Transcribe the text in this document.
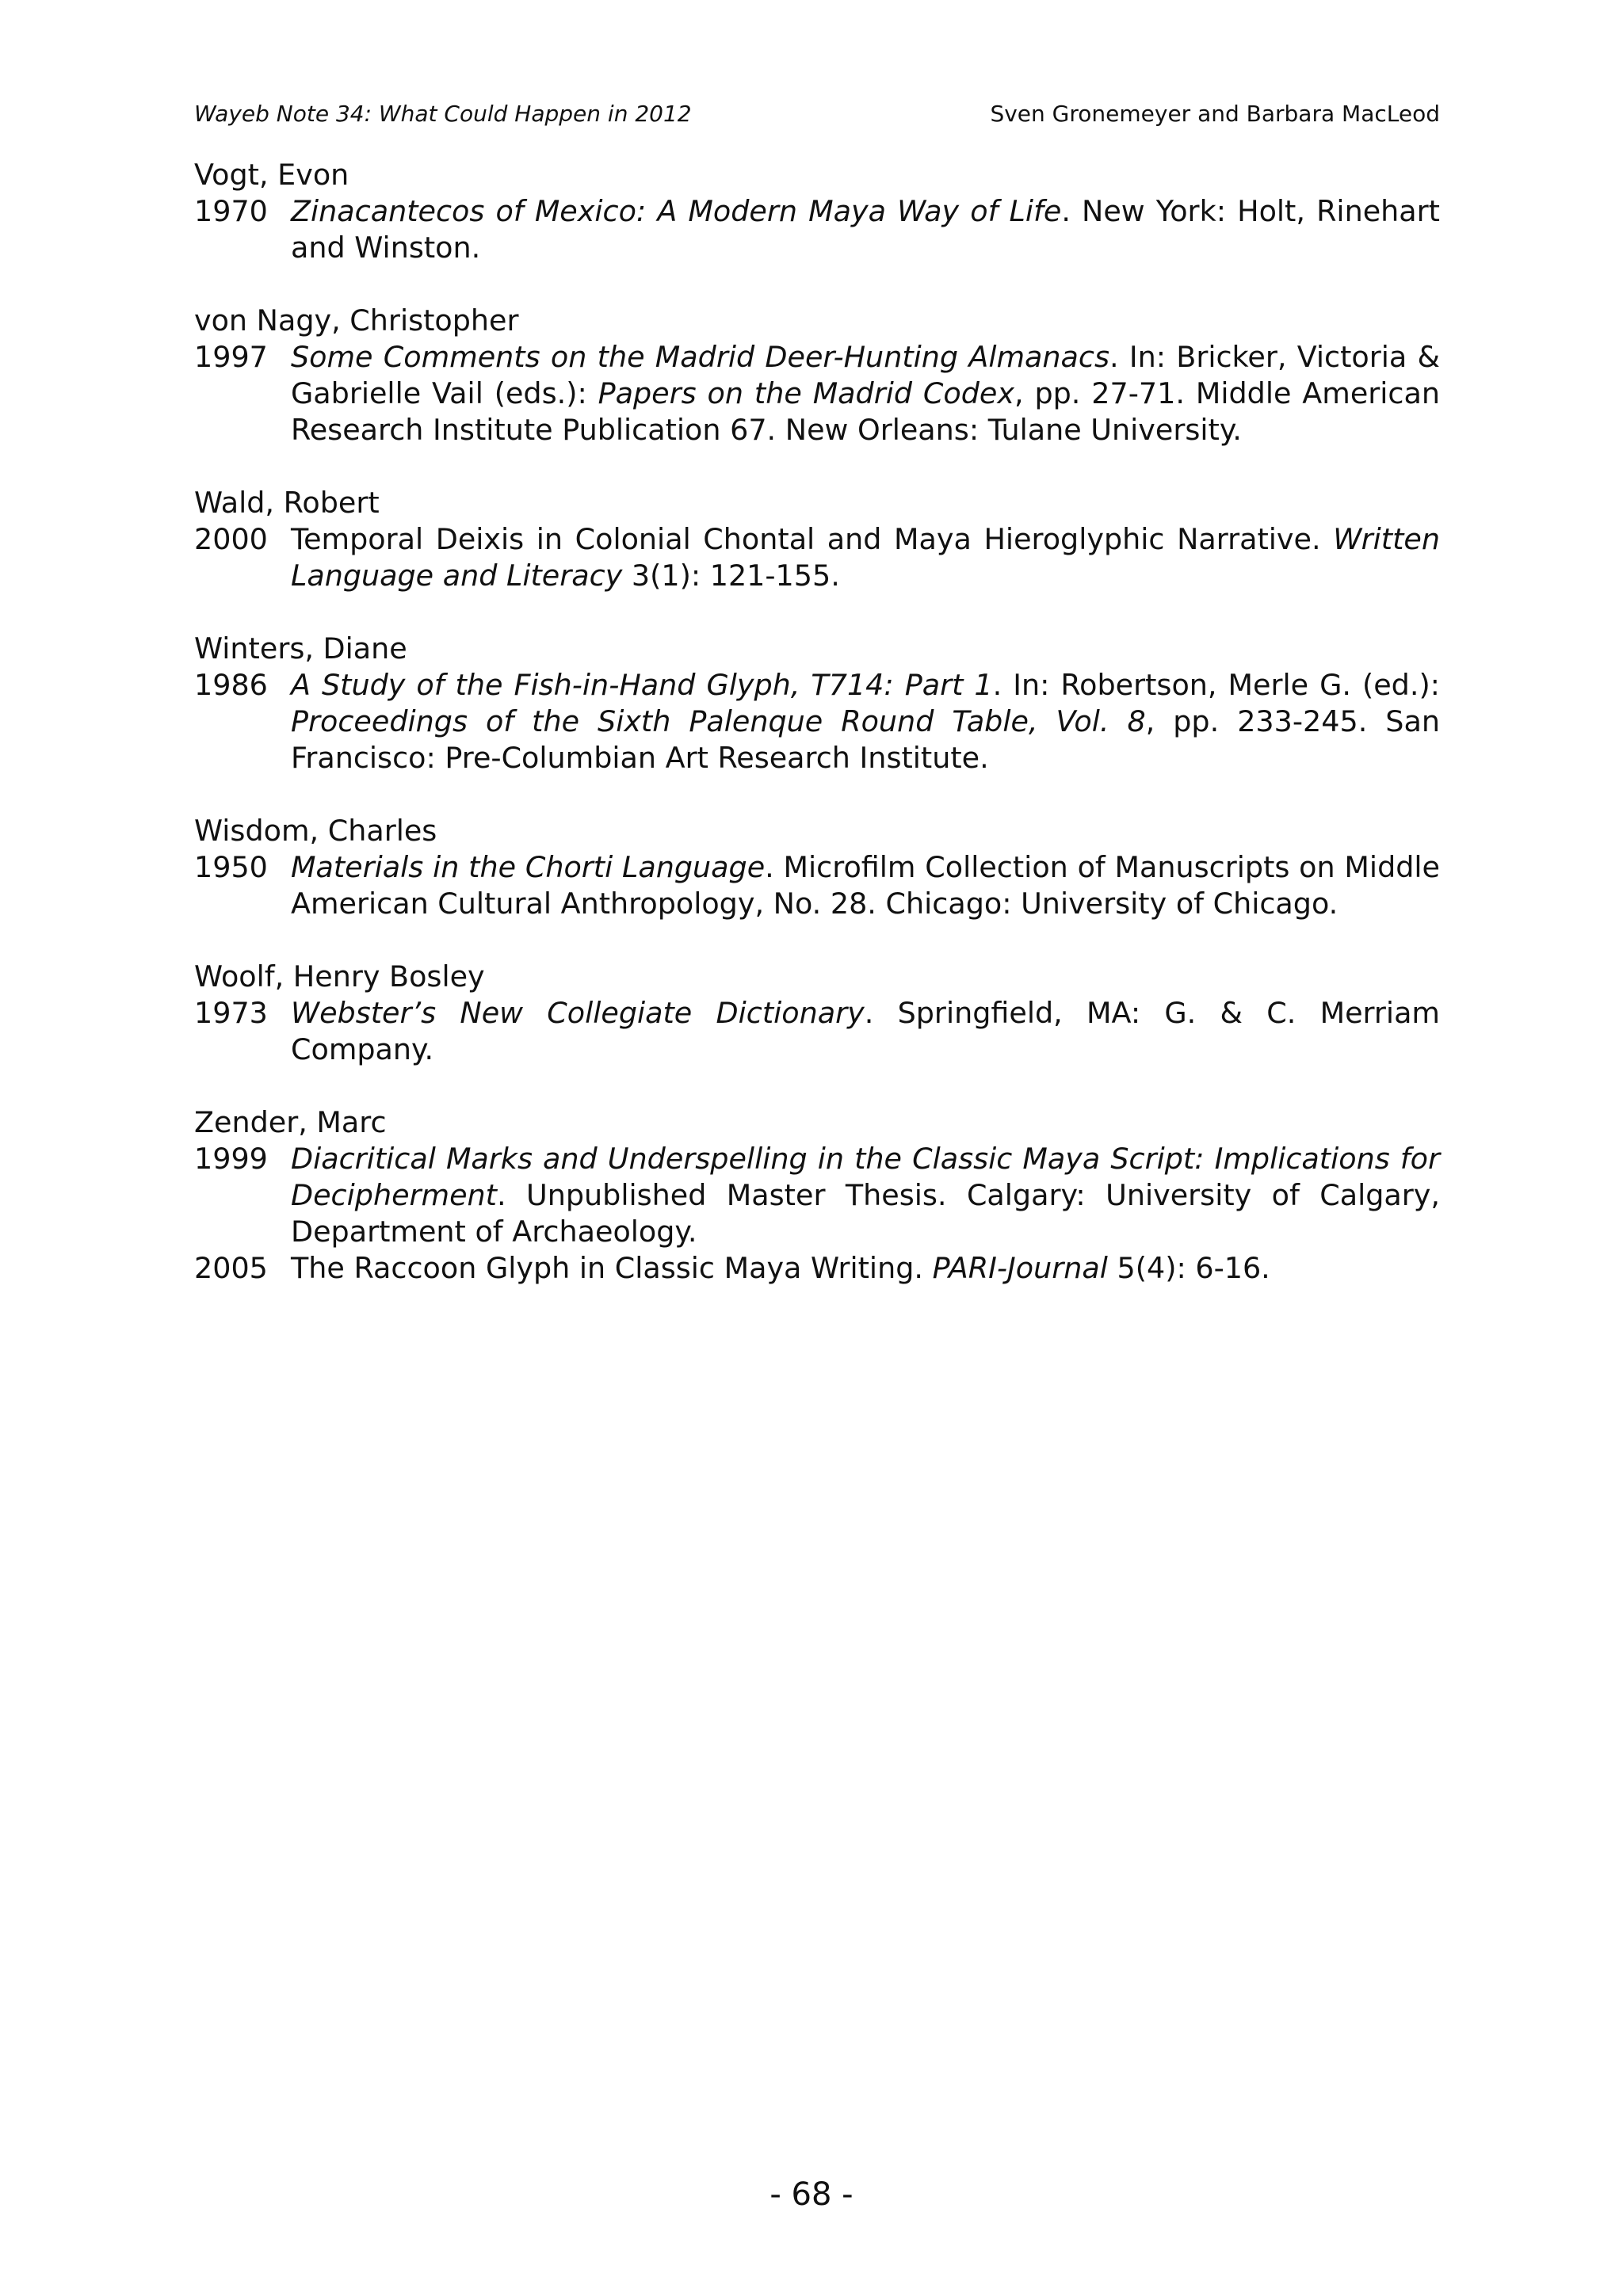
Wayeb Note 34: What Could Happen in 2012	Sven Gronemeyer and Barbara MacLeod
Vogt, Evon
1970 Zinacantecos of Mexico: A Modern Maya Way of Life. New York: Holt, Rinehart and Winston.
von Nagy, Christopher
1997 Some Comments on the Madrid Deer-Hunting Almanacs. In: Bricker, Victoria & Gabrielle Vail (eds.): Papers on the Madrid Codex, pp. 27-71. Middle American Research Institute Publication 67. New Orleans: Tulane University.
Wald, Robert
2000 Temporal Deixis in Colonial Chontal and Maya Hieroglyphic Narrative. Written Language and Literacy 3(1): 121-155.
Winters, Diane
1986 A Study of the Fish-in-Hand Glyph, T714: Part 1. In: Robertson, Merle G. (ed.): Proceedings of the Sixth Palenque Round Table, Vol. 8, pp. 233-245. San Francisco: Pre-Columbian Art Research Institute.
Wisdom, Charles
1950 Materials in the Chorti Language. Microfilm Collection of Manuscripts on Middle American Cultural Anthropology, No. 28. Chicago: University of Chicago.
Woolf, Henry Bosley
1973 Webster’s New Collegiate Dictionary. Springfield, MA: G. & C. Merriam Company.
Zender, Marc
1999 Diacritical Marks and Underspelling in the Classic Maya Script: Implications for Decipherment. Unpublished Master Thesis. Calgary: University of Calgary, Department of Archaeology.
2005 The Raccoon Glyph in Classic Maya Writing. PARI-Journal 5(4): 6-16.
- 68 -
